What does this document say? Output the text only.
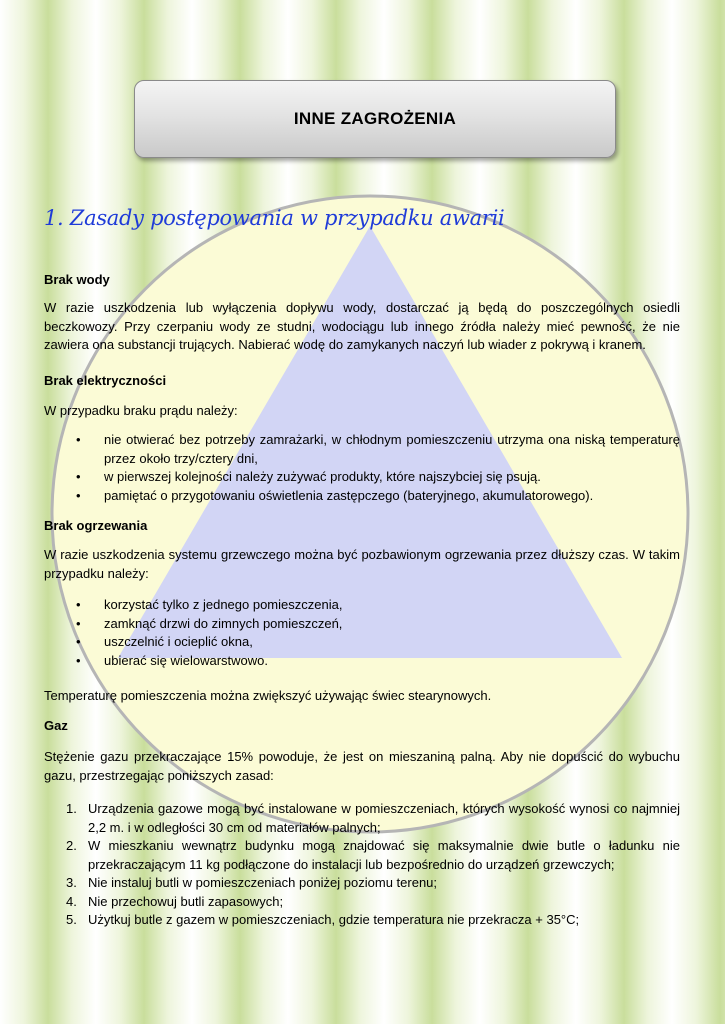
INNE ZAGROŻENIA
1. Zasady postępowania w przypadku awarii
Brak wody

W razie uszkodzenia lub wyłączenia dopływu wody, dostarczać ją będą do poszczególnych osiedli beczkowozy. Przy czerpaniu wody ze studni, wodociągu lub innego źródła należy mieć pewność, że nie zawiera ona substancji trujących. Nabierać wodę do zamykanych naczyń lub wiader z pokrywą i kranem.

Brak elektryczności

W przypadku braku prądu należy:

• nie otwierać bez potrzeby zamrażarki, w chłodnym pomieszczeniu utrzyma ona niską temperaturę przez około trzy/cztery dni,
• w pierwszej kolejności należy zużywać produkty, które najszybciej się psują.
• pamiętać o przygotowaniu oświetlenia zastępczego (bateryjnego, akumulatorowego).
Brak ogrzewania

W razie uszkodzenia systemu grzewczego można być pozbawionym ogrzewania przez dłuższy czas. W takim przypadku należy:

• korzystać tylko z jednego pomieszczenia,
• zamknąć drzwi do zimnych pomieszczeń,
• uszczelnić i ocieplić okna,
• ubierać się wielowarstwowo.

Temperaturę pomieszczenia można zwiększyć używając świec stearynowych.

Gaz

Stężenie gazu przekraczające 15% powoduje, że jest on mieszaniną palną. Aby nie dopuścić do wybuchu gazu, przestrzegając poniższych zasad:

1. Urządzenia gazowe mogą być instalowane w pomieszczeniach, których wysokość wynosi co najmniej 2,2 m. i w odległości 30 cm od materiałów palnych;
2. W mieszkaniu wewnątrz budynku mogą znajdować się maksymalnie dwie butle o ładunku nie przekraczającym 11 kg podłączone do instalacji lub bezpośrednio do urządzeń grzewczych;
3. Nie instaluj butli w pomieszczeniach poniżej poziomu terenu;
4. Nie przechowuj butli zapasowych;
5. Użytkuj butle z gazem w pomieszczeniach, gdzie temperatura nie przekracza + 35°C;
